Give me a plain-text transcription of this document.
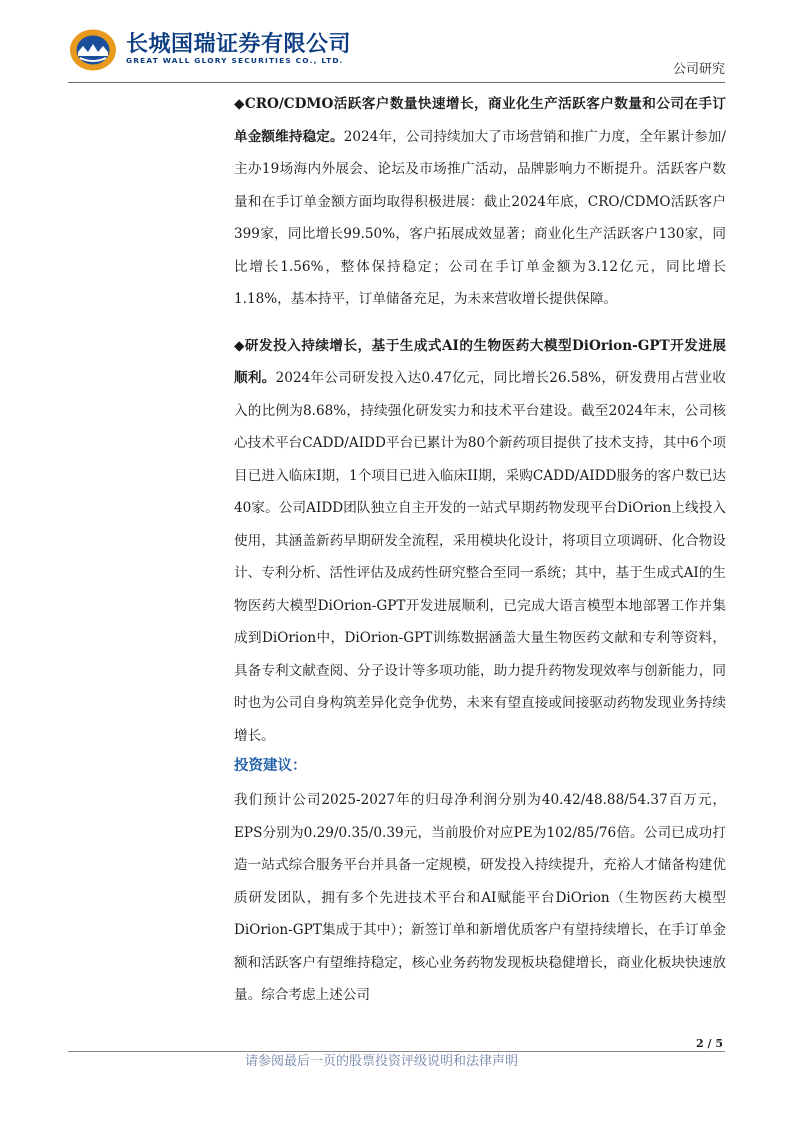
长城国瑞证券有限公司
GREAT WALL GLORY SECURITIES CO., LTD.
公司研究

◆CRO/CDMO活跃客户数量快速增长，商业化生产活跃客户数量和公司在手订单金额维持稳定。2024年，公司持续加大了市场营销和推广力度，全年累计参加/主办19场海内外展会、论坛及市场推广活动，品牌影响力不断提升。活跃客户数量和在手订单金额方面均取得积极进展：截止2024年底，CRO/CDMO活跃客户399家，同比增长99.50%，客户拓展成效显著；商业化生产活跃客户130家，同比增长1.56%，整体保持稳定；公司在手订单金额为3.12亿元，同比增长1.18%，基本持平，订单储备充足，为未来营收增长提供保障。

◆研发投入持续增长，基于生成式AI的生物医药大模型DiOrion-GPT开发进展顺利。2024年公司研发投入达0.47亿元，同比增长26.58%，研发费用占营业收入的比例为8.68%，持续强化研发实力和技术平台建设。截至2024年末，公司核心技术平台CADD/AIDD平台已累计为80个新药项目提供了技术支持，其中6个项目已进入临床I期，1个项目已进入临床II期，采购CADD/AIDD服务的客户数已达40家。公司AIDD团队独立自主开发的一站式早期药物发现平台DiOrion上线投入使用，其涵盖新药早期研发全流程，采用模块化设计，将项目立项调研、化合物设计、专利分析、活性评估及成药性研究整合至同一系统；其中，基于生成式AI的生物医药大模型DiOrion-GPT开发进展顺利，已完成大语言模型本地部署工作并集成到DiOrion中，DiOrion-GPT训练数据涵盖大量生物医药文献和专利等资料，具备专利文献查阅、分子设计等多项功能，助力提升药物发现效率与创新能力，同时也为公司自身构筑差异化竞争优势，未来有望直接或间接驱动药物发现业务持续增长。

投资建议：

我们预计公司2025-2027年的归母净利润分别为40.42/48.88/54.37百万元，EPS分别为0.29/0.35/0.39元，当前股价对应PE为102/85/76倍。公司已成功打造一站式综合服务平台并具备一定规模，研发投入持续提升，充裕人才储备构建优质研发团队，拥有多个先进技术平台和AI赋能平台DiOrion（生物医药大模型DiOrion-GPT集成于其中）；新签订单和新增优质客户有望持续增长，在手订单金额和活跃客户有望维持稳定，核心业务药物发现板块稳健增长，商业化板块快速放量。综合考虑上述公司

2 / 5
请参阅最后一页的股票投资评级说明和法律声明
